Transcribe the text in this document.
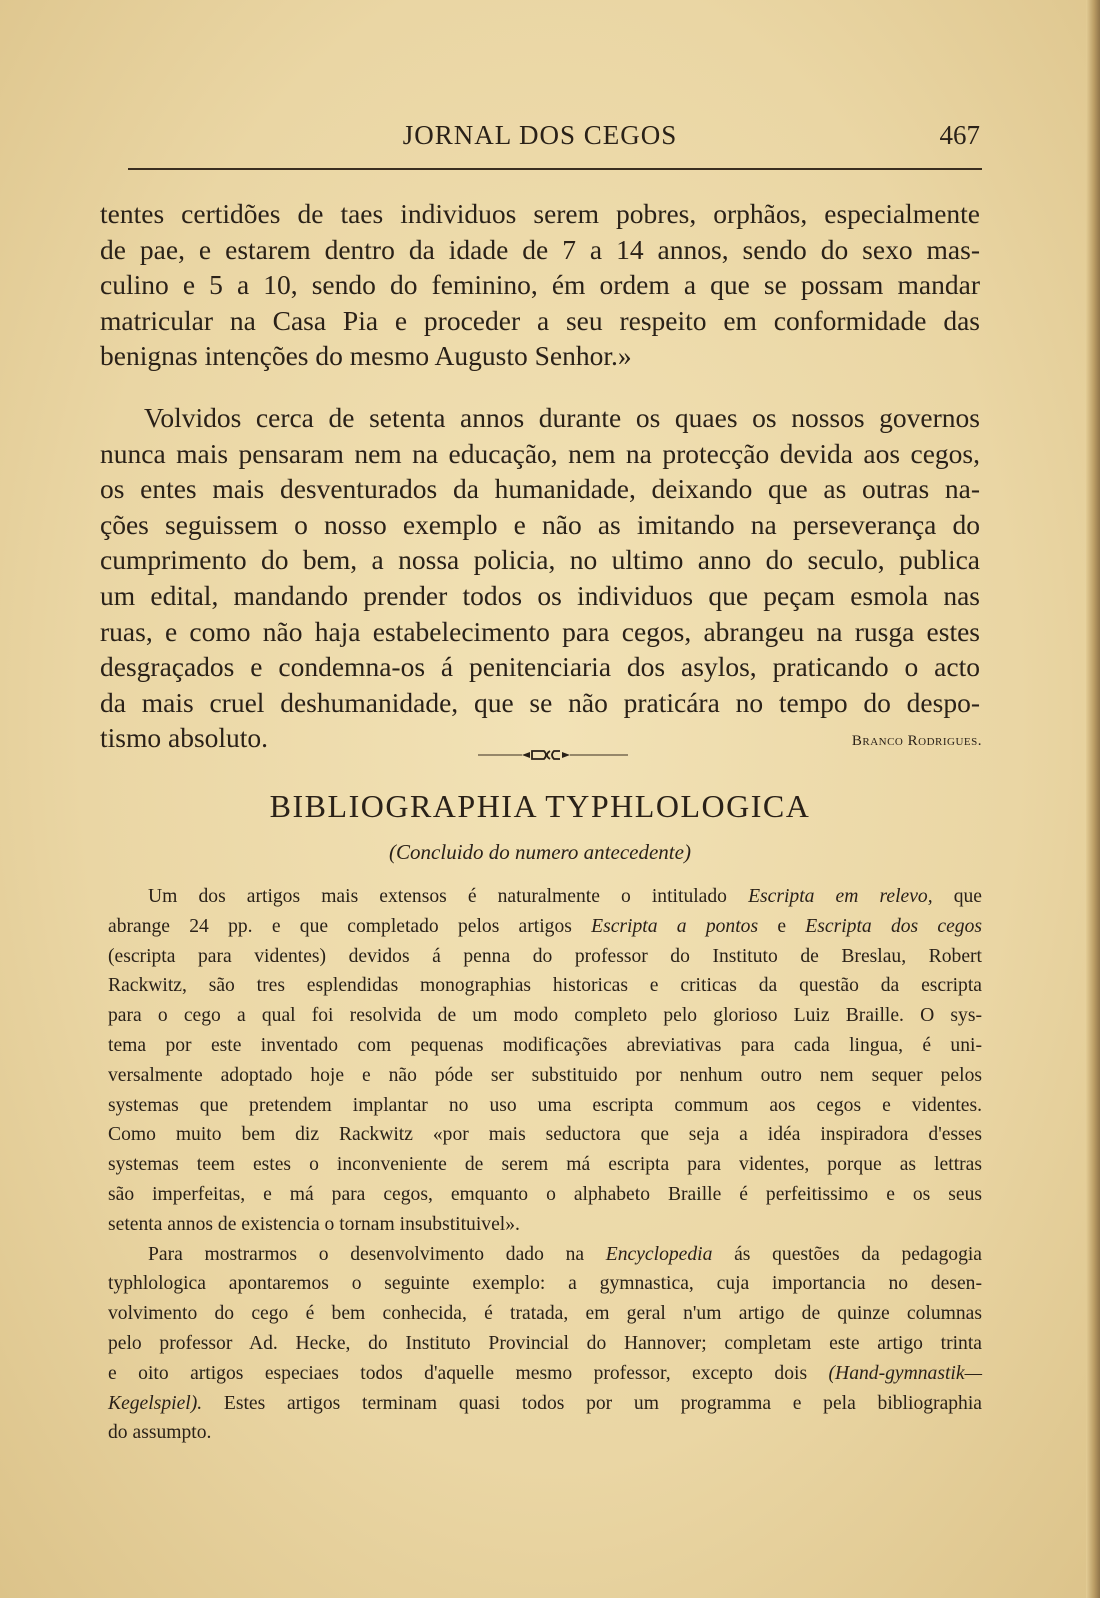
JORNAL DOS CEGOS	467
tentes certidões de taes individuos serem pobres, orphãos, especialmente
de pae, e estarem dentro da idade de 7 a 14 annos, sendo do sexo mas-
culino e 5 a 10, sendo do feminino, ém ordem a que se possam mandar
matricular na Casa Pia e proceder a seu respeito em conformidade das
benignas intenções do mesmo Augusto Senhor.»
Volvidos cerca de setenta annos durante os quaes os nossos governos
nunca mais pensaram nem na educação, nem na protecção devida aos cegos,
os entes mais desventurados da humanidade, deixando que as outras na-
ções seguissem o nosso exemplo e não as imitando na perseverança do
cumprimento do bem, a nossa policia, no ultimo anno do seculo, publica
um edital, mandando prender todos os individuos que peçam esmola nas
ruas, e como não haja estabelecimento para cegos, abrangeu na rusga estes
desgraçados e condemna-os á penitenciaria dos asylos, praticando o acto
da mais cruel deshumanidade, que se não praticára no tempo do despo-
tismo absoluto.	Branco Rodrigues.
BIBLIOGRAPHIA TYPHLOLOGICA
(Concluido do numero antecedente)
Um dos artigos mais extensos é naturalmente o intitulado Escripta em relevo, que
abrange 24 pp. e que completado pelos artigos Escripta a pontos e Escripta dos cegos
(escripta para videntes) devidos á penna do professor do Instituto de Breslau, Robert
Rackwitz, são tres esplendidas monographias historicas e criticas da questão da escripta
para o cego a qual foi resolvida de um modo completo pelo glorioso Luiz Braille. O sys-
tema por este inventado com pequenas modificações abreviativas para cada lingua, é uni-
versalmente adoptado hoje e não póde ser substituido por nenhum outro nem sequer pelos
systemas que pretendem implantar no uso uma escripta commum aos cegos e videntes.
Como muito bem diz Rackwitz «por mais seductora que seja a idéa inspiradora d'esses
systemas teem estes o inconveniente de serem má escripta para videntes, porque as lettras
são imperfeitas, e má para cegos, emquanto o alphabeto Braille é perfeitissimo e os seus
setenta annos de existencia o tornam insubstituivel».
Para mostrarmos o desenvolvimento dado na Encyclopedia ás questões da pedagogia
typhlologica apontaremos o seguinte exemplo: a gymnastica, cuja importancia no desen-
volvimento do cego é bem conhecida, é tratada, em geral n'um artigo de quinze columnas
pelo professor Ad. Hecke, do Instituto Provincial do Hannover; completam este artigo trinta
e oito artigos especiaes todos d'aquelle mesmo professor, excepto dois (Hand-gymnastik—
Kegelspiel). Estes artigos terminam quasi todos por um programma e pela bibliographia
do assumpto.
